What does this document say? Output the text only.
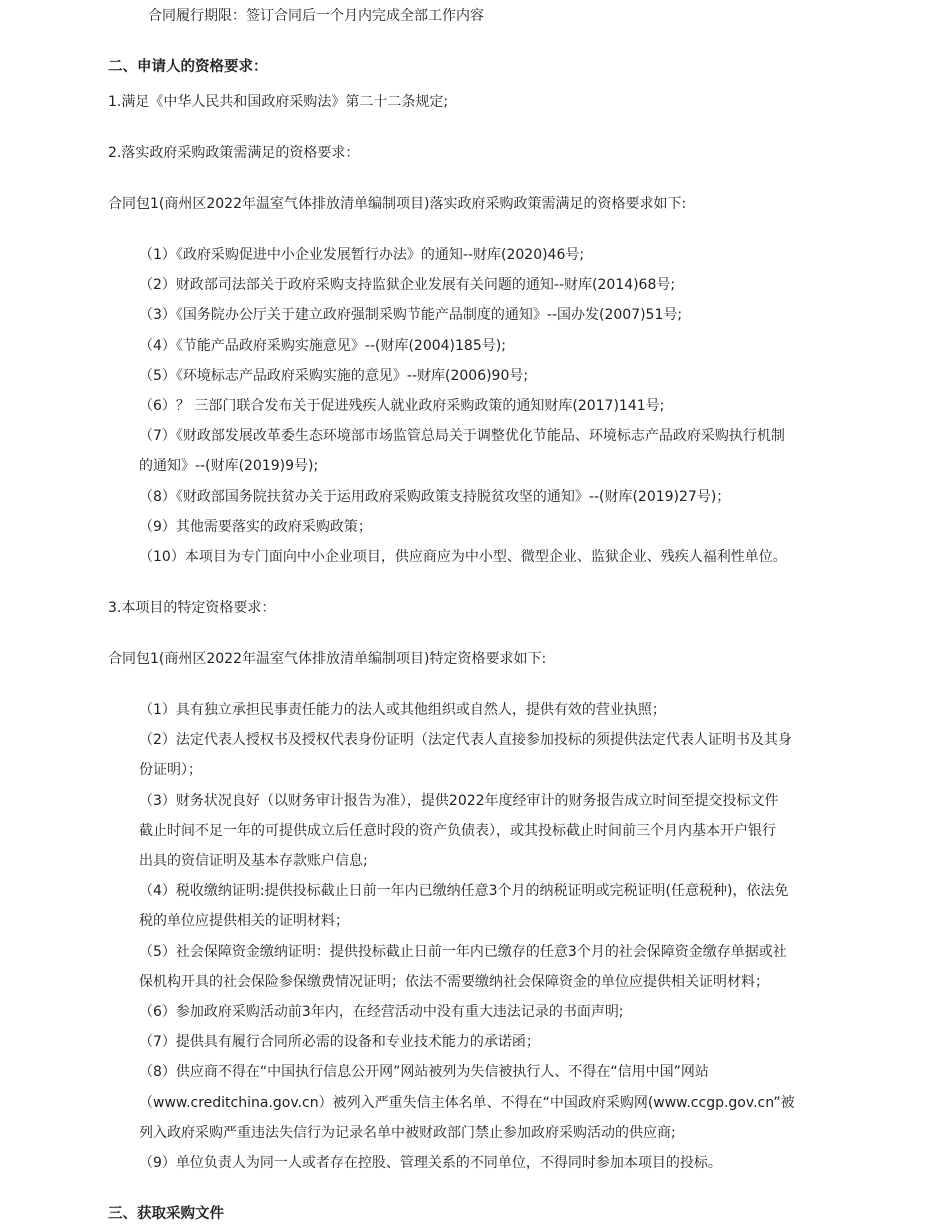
合同履行期限：签订合同后一个月内完成全部工作内容
二、申请人的资格要求：
1.满足《中华人民共和国政府采购法》第二十二条规定;
2.落实政府采购政策需满足的资格要求：
合同包1(商州区2022年温室气体排放清单编制项目)落实政府采购政策需满足的资格要求如下:
（1）《政府采购促进中小企业发展暂行办法》的通知--财库(2020)46号;
（2）财政部司法部关于政府采购支持监狱企业发展有关问题的通知--财库(2014)68号;
（3）《国务院办公厅关于建立政府强制采购节能产品制度的通知》--国办发(2007)51号;
（4）《节能产品政府采购实施意见》--(财库(2004)185号);
（5）《环境标志产品政府采购实施的意见》--财库(2006)90号;
（6）？ 三部门联合发布关于促进残疾人就业政府采购政策的通知财库(2017)141号;
（7）《财政部发展改革委生态环境部市场监管总局关于调整优化节能品、环境标志产品政府采购执行机制
的通知》--(财库(2019)9号);
（8）《财政部国务院扶贫办关于运用政府采购政策支持脱贫攻坚的通知》--(财库(2019)27号)；
（9）其他需要落实的政府采购政策；
（10）本项目为专门面向中小企业项目，供应商应为中小型、微型企业、监狱企业、残疾人福利性单位。
3.本项目的特定资格要求：
合同包1(商州区2022年温室气体排放清单编制项目)特定资格要求如下:
（1）具有独立承担民事责任能力的法人或其他组织或自然人，提供有效的营业执照；
（2）法定代表人授权书及授权代表身份证明（法定代表人直接参加投标的须提供法定代表人证明书及其身
份证明）；
（3）财务状况良好（以财务审计报告为准），提供2022年度经审计的财务报告成立时间至提交投标文件
截止时间不足一年的可提供成立后任意时段的资产负债表），或其投标截止时间前三个月内基本开户银行
出具的资信证明及基本存款账户信息;
（4）税收缴纳证明:提供投标截止日前一年内已缴纳任意3个月的纳税证明或完税证明(任意税种)，依法免
税的单位应提供相关的证明材料；
（5）社会保障资金缴纳证明：提供投标截止日前一年内已缴存的任意3个月的社会保障资金缴存单据或社
保机构开具的社会保险参保缴费情况证明；依法不需要缴纳社会保障资金的单位应提供相关证明材料；
（6）参加政府采购活动前3年内，在经营活动中没有重大违法记录的书面声明;
（7）提供具有履行合同所必需的设备和专业技术能力的承诺函；
（8）供应商不得在“中国执行信息公开网”网站被列为失信被执行人、不得在“信用中国”网站
（www.creditchina.gov.cn）被列入严重失信主体名单、不得在“中国政府采购网(www.ccgp.gov.cn”被
列入政府采购严重违法失信行为记录名单中被财政部门禁止参加政府采购活动的供应商;
（9）单位负责人为同一人或者存在控股、管理关系的不同单位，不得同时参加本项目的投标。
三、获取采购文件
